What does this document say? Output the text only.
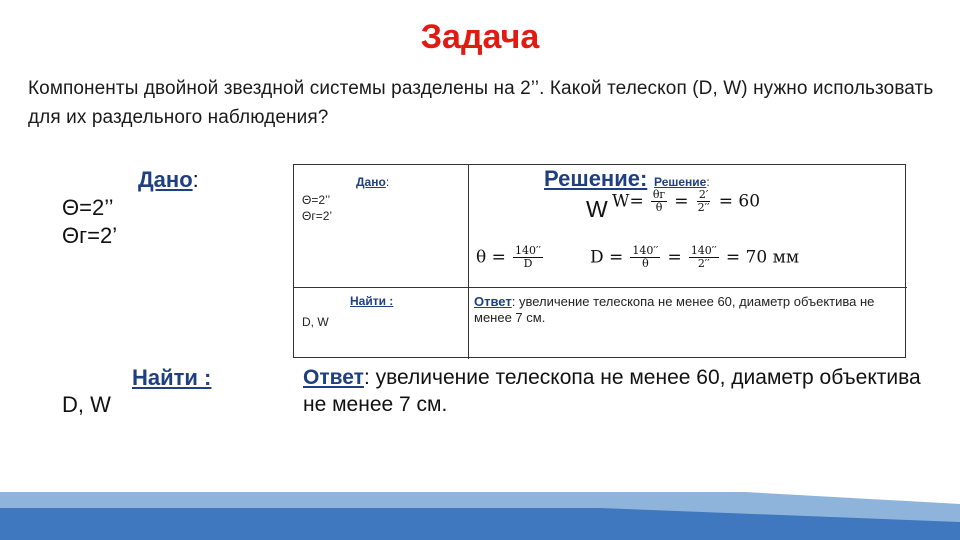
Задача
Компоненты двойной звездной системы разделены на 2’’. Какой телескоп (D, W) нужно использовать для их раздельного наблюдения?
Дано:
Θ=2’’
Θг=2’
Дано:
Θ=2’’
Θг=2’
Найти :
D, W
Решение:
$W= \frac{\theta г}{\theta} = \frac{2'}{2''} = 60$
$\theta = \frac{140''}{D}$	$D = \frac{140''}{\theta} = \frac{140''}{2''} = 70$ мм
Ответ: увеличение телескопа не менее 60, диаметр объектива не менее 7 см.
Решение:
W
Найти :
D, W
Ответ: увеличение телескопа не менее 60, диаметр объектива не менее 7 см.
